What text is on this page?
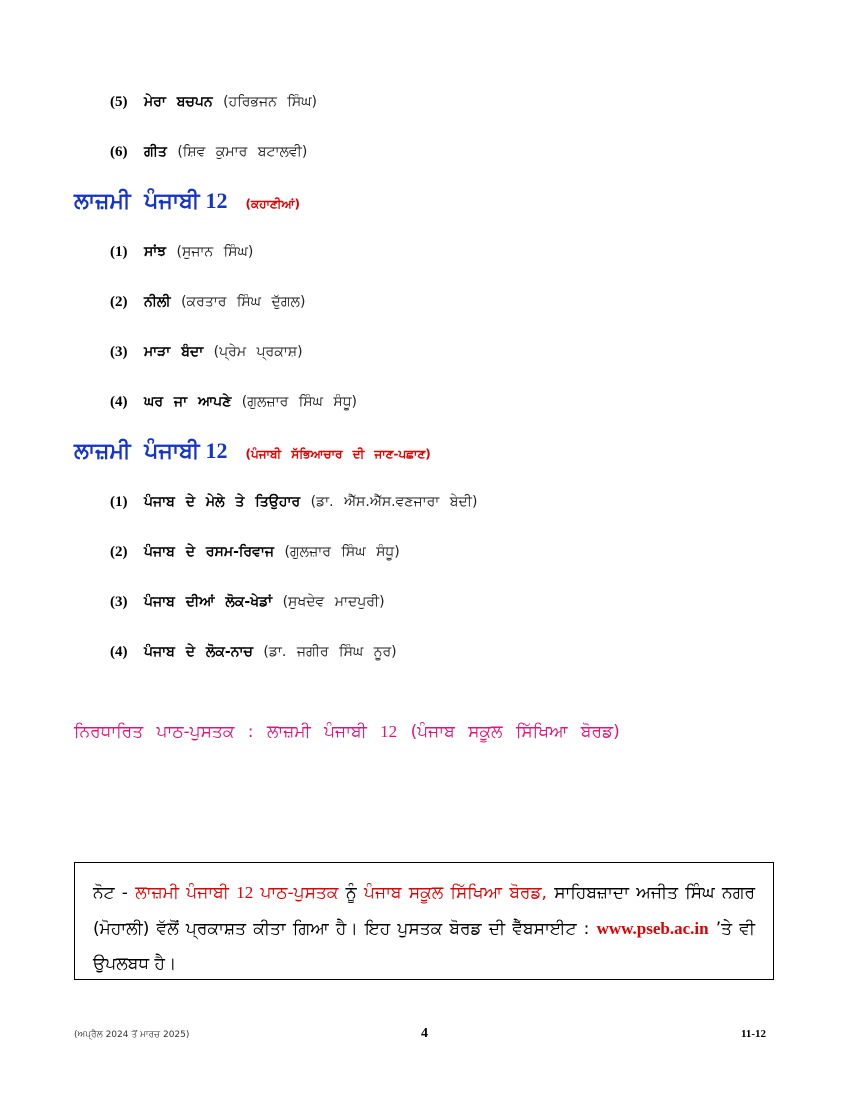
(5) ਮੇਰਾ ਬਚਪਨ (ਹਰਿਭਜਨ ਸਿੰਘ)
(6) ਗੀਤ (ਸ਼ਿਵ ਕੁਮਾਰ ਬਟਾਲਵੀ)
ਲਾਜ਼ਮੀ ਪੰਜਾਬੀ 12 (ਕਹਾਣੀਆਂ)
(1) ਸਾਂਝ (ਸੁਜਾਨ ਸਿੰਘ)
(2) ਨੀਲੀ (ਕਰਤਾਰ ਸਿੰਘ ਦੁੱਗਲ)
(3) ਮਾੜਾ ਬੰਦਾ (ਪ੍ਰੇਮ ਪ੍ਰਕਾਸ਼)
(4) ਘਰ ਜਾ ਆਪਣੇ (ਗੁਲਜ਼ਾਰ ਸਿੰਘ ਸੰਧੂ)
ਲਾਜ਼ਮੀ ਪੰਜਾਬੀ 12 (ਪੰਜਾਬੀ ਸੱਭਿਆਚਾਰ ਦੀ ਜਾਣ-ਪਛਾਣ)
(1) ਪੰਜਾਬ ਦੇ ਮੇਲੇ ਤੇ ਤਿਉਹਾਰ (ਡਾ. ਐੱਸ.ਐੱਸ.ਵਣਜਾਰਾ ਬੇਦੀ)
(2) ਪੰਜਾਬ ਦੇ ਰਸਮ-ਰਿਵਾਜ (ਗੁਲਜ਼ਾਰ ਸਿੰਘ ਸੰਧੂ)
(3) ਪੰਜਾਬ ਦੀਆਂ ਲੋਕ-ਖੇਡਾਂ (ਸੁਖਦੇਵ ਮਾਦਪੁਰੀ)
(4) ਪੰਜਾਬ ਦੇ ਲੋਕ-ਨਾਚ (ਡਾ. ਜਗੀਰ ਸਿੰਘ ਨੂਰ)
ਨਿਰਧਾਰਿਤ ਪਾਠ-ਪੁਸਤਕ : ਲਾਜ਼ਮੀ ਪੰਜਾਬੀ 12 (ਪੰਜਾਬ ਸਕੂਲ ਸਿੱਖਿਆ ਬੋਰਡ)
ਨੋਟ - ਲਾਜ਼ਮੀ ਪੰਜਾਬੀ 12 ਪਾਠ-ਪੁਸਤਕ ਨੂੰ ਪੰਜਾਬ ਸਕੂਲ ਸਿੱਖਿਆ ਬੋਰਡ, ਸਾਹਿਬਜ਼ਾਦਾ ਅਜੀਤ ਸਿੰਘ ਨਗਰ (ਮੋਹਾਲੀ) ਵੱਲੋਂ ਪ੍ਰਕਾਸ਼ਤ ਕੀਤਾ ਗਿਆ ਹੈ। ਇਹ ਪੁਸਤਕ ਬੋਰਡ ਦੀ ਵੈੱਬਸਾਈਟ : www.pseb.ac.in ’ਤੇ ਵੀ ਉਪਲਬਧ ਹੈ।
(ਅਪ੍ਰੈਲ 2024 ਤੋਂ ਮਾਰਚ 2025)	4	11-12
